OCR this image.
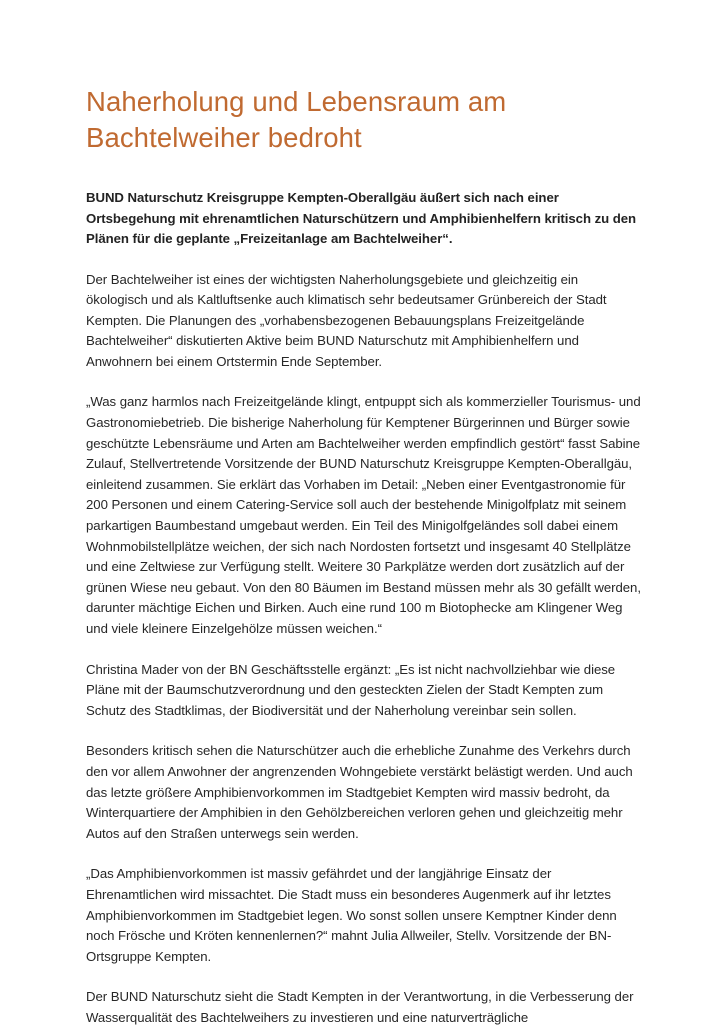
Naherholung und Lebensraum am Bachtelweiher bedroht

BUND Naturschutz Kreisgruppe Kempten-Oberallgäu äußert sich nach einer Ortsbegehung mit ehrenamtlichen Naturschützern und Amphibienhelfern kritisch zu den Plänen für die geplante „Freizeitanlage am Bachtelweiher“.

Der Bachtelweiher ist eines der wichtigsten Naherholungsgebiete und gleichzeitig ein ökologisch und als Kaltluftsenke auch klimatisch sehr bedeutsamer Grünbereich der Stadt Kempten. Die Planungen des „vorhabensbezogenen Bebauungsplans Freizeitgelände Bachtelweiher“ diskutierten Aktive beim BUND Naturschutz mit Amphibienhelfern und Anwohnern bei einem Ortstermin Ende September.

„Was ganz harmlos nach Freizeitgelände klingt, entpuppt sich als kommerzieller Tourismus- und Gastronomiebetrieb. Die bisherige Naherholung für Kemptener Bürgerinnen und Bürger sowie geschützte Lebensräume und Arten am Bachtelweiher werden empfindlich gestört“ fasst Sabine Zulauf, Stellvertretende Vorsitzende der BUND Naturschutz Kreisgruppe Kempten-Oberallgäu, einleitend zusammen. Sie erklärt das Vorhaben im Detail: „Neben einer Eventgastronomie für 200 Personen und einem Catering-Service soll auch der bestehende Minigolfplatz mit seinem parkartigen Baumbestand umgebaut werden. Ein Teil des Minigolfgeländes soll dabei einem Wohnmobilstellplätze weichen, der sich nach Nordosten fortsetzt und insgesamt 40 Stellplätze und eine Zeltwiese zur Verfügung stellt. Weitere 30 Parkplätze werden dort zusätzlich auf der grünen Wiese neu gebaut. Von den 80 Bäumen im Bestand müssen mehr als 30 gefällt werden, darunter mächtige Eichen und Birken. Auch eine rund 100 m Biotophecke am Klingener Weg und viele kleinere Einzelgehölze müssen weichen.“

Christina Mader von der BN Geschäftsstelle ergänzt: „Es ist nicht nachvollziehbar wie diese Pläne mit der Baumschutzverordnung und den gesteckten Zielen der Stadt Kempten zum Schutz des Stadtklimas, der Biodiversität und der Naherholung vereinbar sein sollen.

Besonders kritisch sehen die Naturschützer auch die erhebliche Zunahme des Verkehrs durch den vor allem Anwohner der angrenzenden Wohngebiete verstärkt belästigt werden. Und auch das letzte größere Amphibienvorkommen im Stadtgebiet Kempten wird massiv bedroht, da Winterquartiere der Amphibien in den Gehölzbereichen verloren gehen und gleichzeitig mehr Autos auf den Straßen unterwegs sein werden.

„Das Amphibienvorkommen ist massiv gefährdet und der langjährige Einsatz der Ehrenamtlichen wird missachtet. Die Stadt muss ein besonderes Augenmerk auf ihr letztes Amphibienvorkommen im Stadtgebiet legen. Wo sonst sollen unsere Kemptner Kinder denn noch Frösche und Kröten kennenlernen?“ mahnt Julia Allweiler, Stellv. Vorsitzende der BN-Ortsgruppe Kempten.

Der BUND Naturschutz sieht die Stadt Kempten in der Verantwortung, in die Verbesserung der Wasserqualität des Bachtelweihers zu investieren und eine naturverträgliche
